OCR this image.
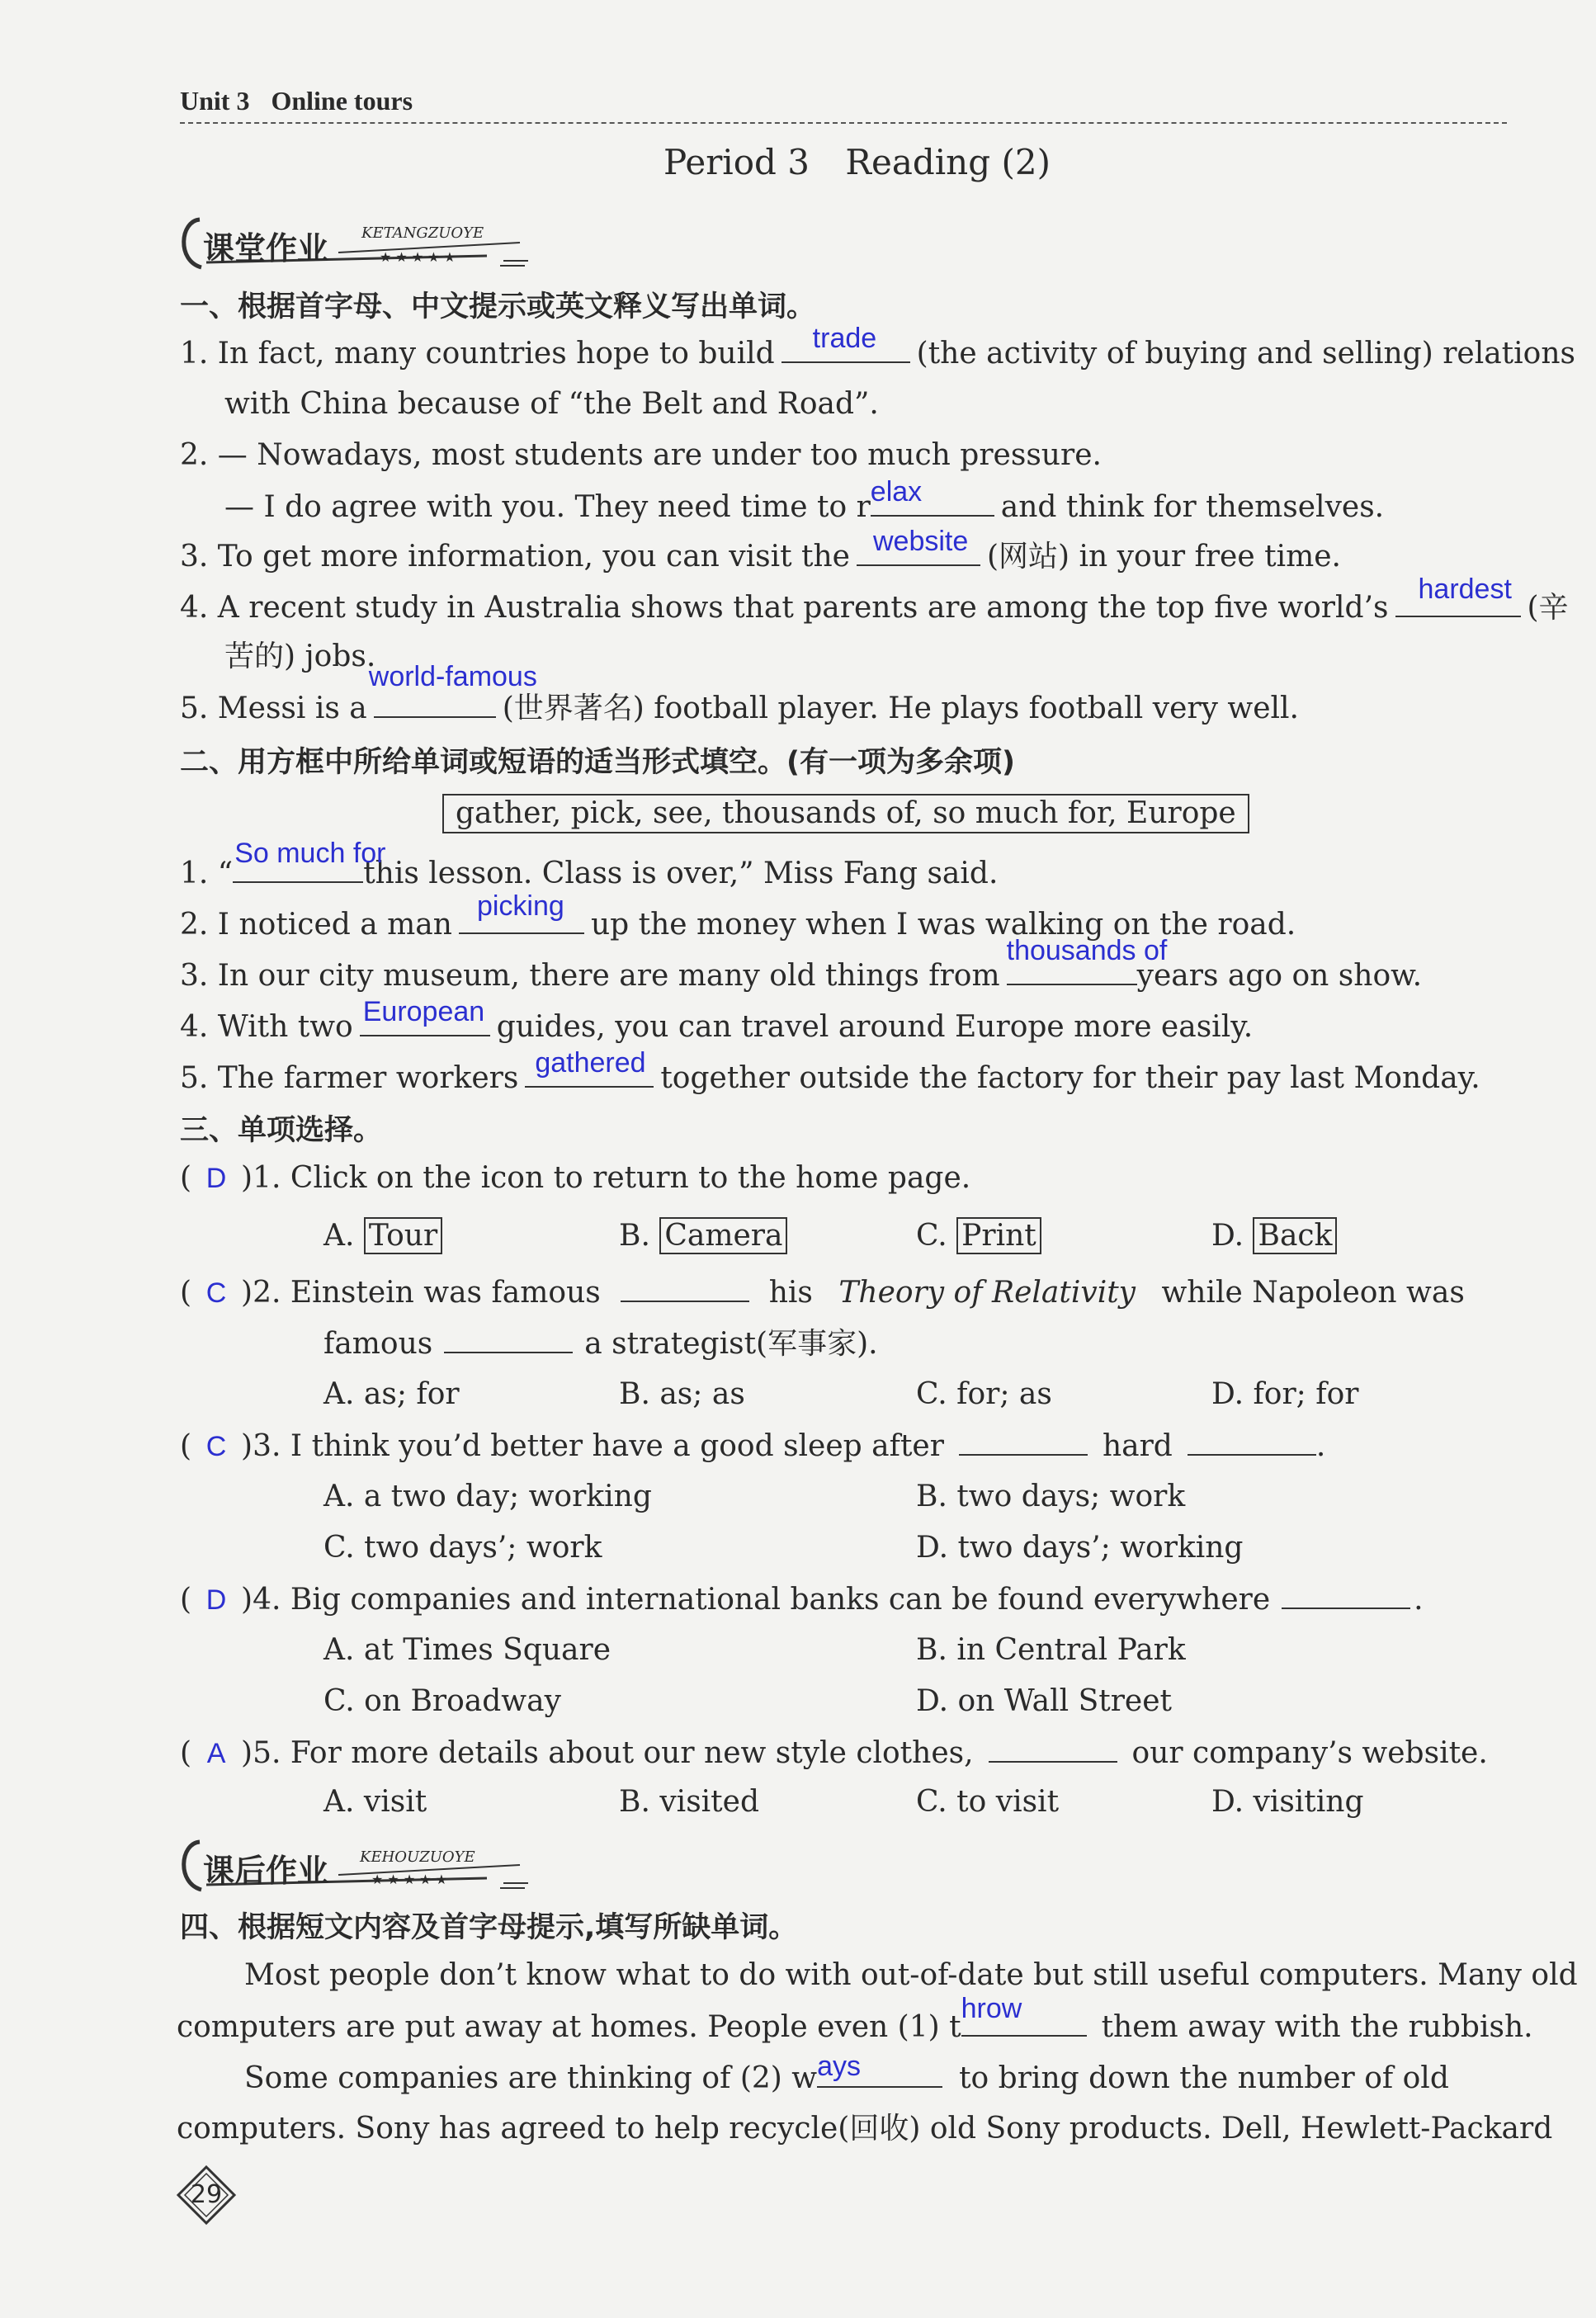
Unit 3 Online tours
Period 3 Reading (2)
课堂作业 KETANGZUOYE
★ ★ ★ ★ ★
一、根据首字母、中文提示或英文释义写出单词。
1. In fact, many countries hope to build trade (the activity of buying and selling) relations
with China because of “the Belt and Road”.
2. — Nowadays, most students are under too much pressure.
— I do agree with you. They need time to r elax	and think for themselves.
3. To get more information, you can visit the website (网站) in your free time.
4. A recent study in Australia shows that parents are among the top five world’s
hardest
(辛
苦的) jobs.
5. Messi is a
world-famous
(世界著名) football player. He plays football very well.
二、用方框中所给单词或短语的适当形式填空。(有一项为多余项)
gather, pick, see, thousands of, so much for, Europe
1. “
So much for
this lesson. Class is over,” Miss Fang said.
2. I noticed a man
picking
up the money when I was walking on the road.
3. In our city museum, there are many old things from
thousands of
years ago on show.
4. With two European guides, you can travel around Europe more easily.
5. The farmer workers gathered together outside the factory for their pay last Monday.
三、单项选择。
( D )1. Click on the icon to return to the home page.
A. Tour	B. Camera	C. Print	D. Back
( C )2. Einstein was famous	his Theory of Relativity while Napoleon was
famous	a strategist(军事家).
A. as; for	B. as; as	C. for; as	D. for; for
( C )3. I think you’d better have a good sleep after	hard	.
A. a two day; working	B. two days; work
C. two days’; work	D. two days’; working
( D )4. Big companies and international banks can be found everywhere	.
A. at Times Square	B. in Central Park
C. on Broadway	D. on Wall Street
( A )5. For more details about our new style clothes,	our company’s website.
A. visit	B. visited	C. to visit	D. visiting
课后作业 KEHOUZUOYE
★ ★ ★ ★ ★
四、根据短文内容及首字母提示,填写所缺单词。
Most people don’t know what to do with out-of-date but still useful computers. Many old
computers are put away at homes. People even (1) t
hrow
them away with the rubbish.
Some companies are thinking of (2) w ays	to bring down the number of old
computers. Sony has agreed to help recycle(回收) old Sony products. Dell, Hewlett-Packard
29
